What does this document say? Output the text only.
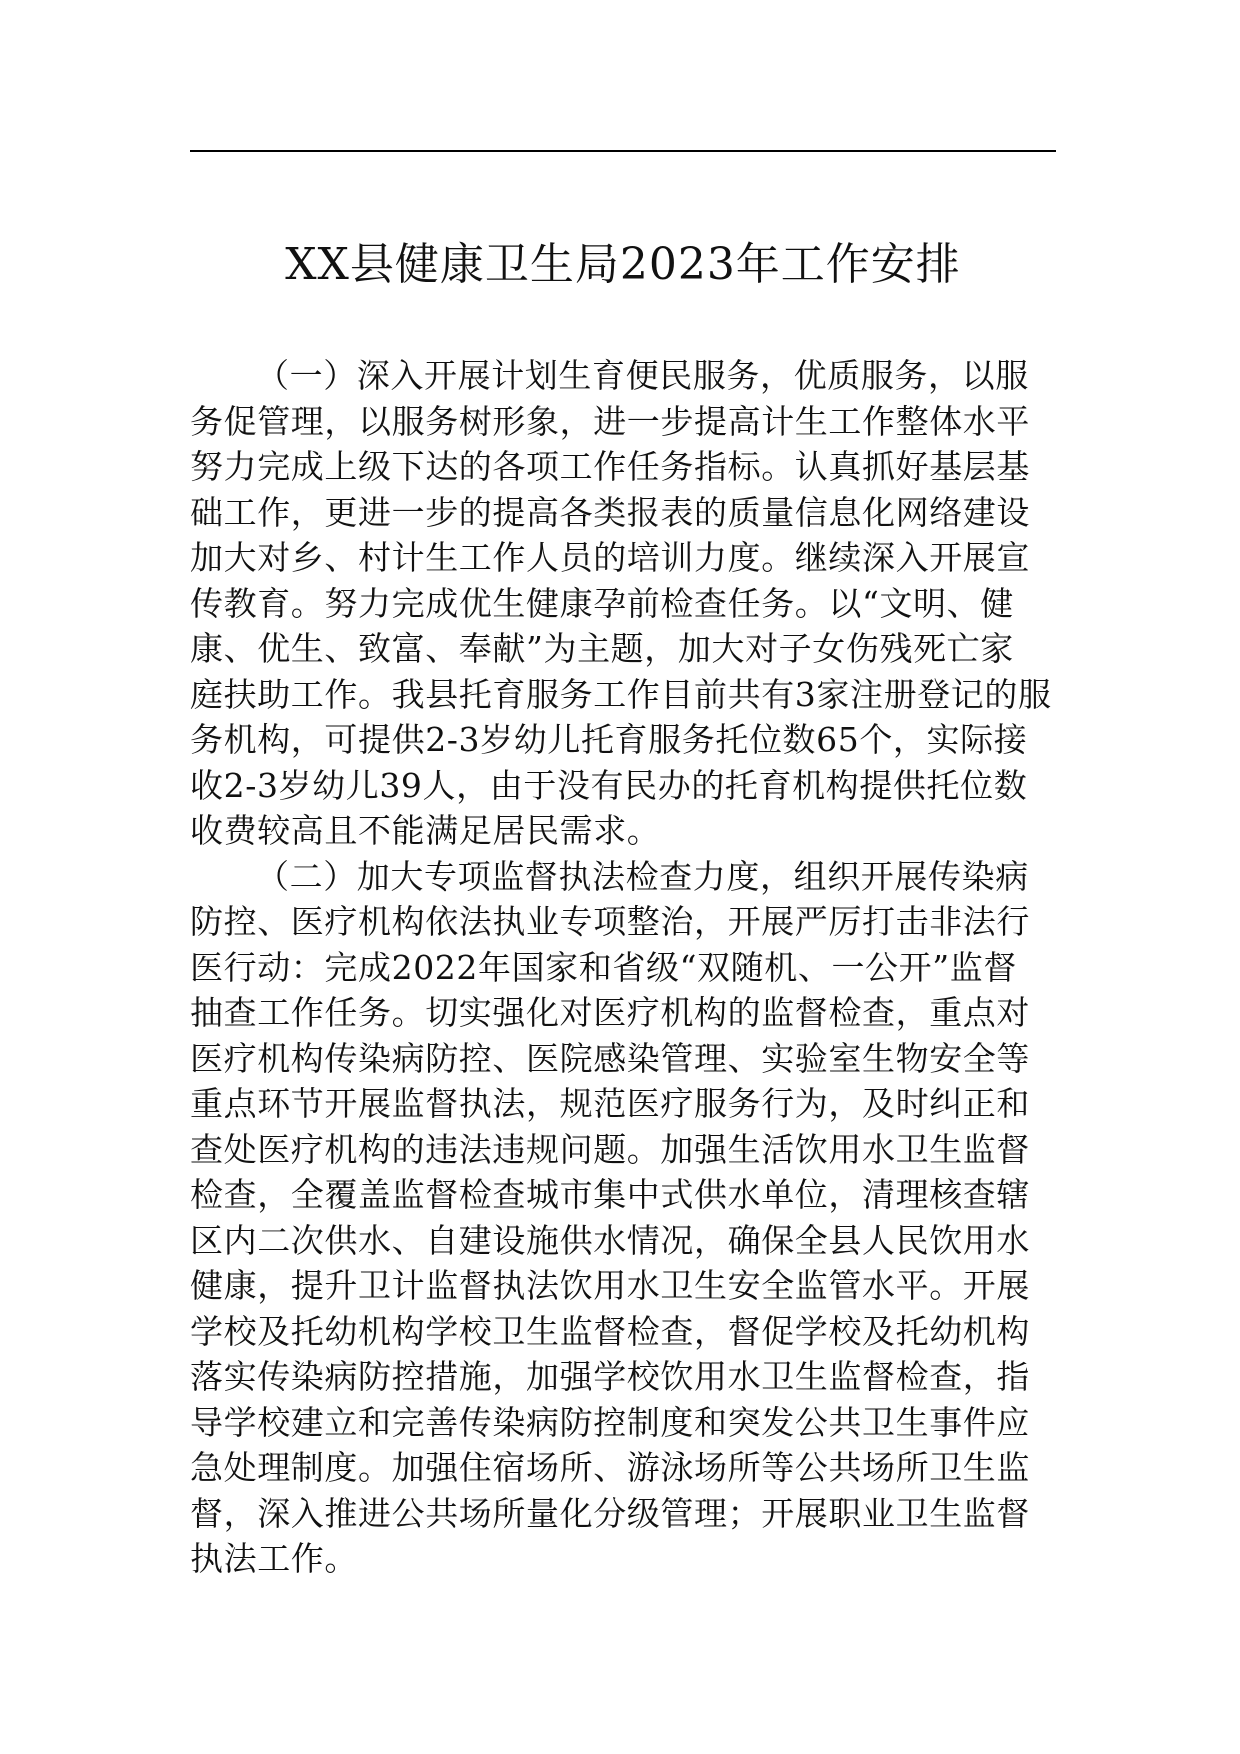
XX县健康卫生局2023年工作安排

（一）深入开展计划生育便民服务，优质服务，以服
务促管理，以服务树形象，进一步提高计生工作整体水平
努力完成上级下达的各项工作任务指标。认真抓好基层基
础工作，更进一步的提高各类报表的质量信息化网络建设
加大对乡、村计生工作人员的培训力度。继续深入开展宣
传教育。努力完成优生健康孕前检查任务。以“文明、健
康、优生、致富、奉献”为主题，加大对子女伤残死亡家
庭扶助工作。我县托育服务工作目前共有3家注册登记的服
务机构，可提供2-3岁幼儿托育服务托位数65个，实际接
收2-3岁幼儿39人，由于没有民办的托育机构提供托位数
收费较高且不能满足居民需求。

（二）加大专项监督执法检查力度，组织开展传染病
防控、医疗机构依法执业专项整治，开展严厉打击非法行
医行动：完成2022年国家和省级“双随机、一公开”监督
抽查工作任务。切实强化对医疗机构的监督检查，重点对
医疗机构传染病防控、医院感染管理、实验室生物安全等
重点环节开展监督执法，规范医疗服务行为，及时纠正和
查处医疗机构的违法违规问题。加强生活饮用水卫生监督
检查，全覆盖监督检查城市集中式供水单位，清理核查辖
区内二次供水、自建设施供水情况，确保全县人民饮用水
健康，提升卫计监督执法饮用水卫生安全监管水平。开展
学校及托幼机构学校卫生监督检查，督促学校及托幼机构
落实传染病防控措施，加强学校饮用水卫生监督检查，指
导学校建立和完善传染病防控制度和突发公共卫生事件应
急处理制度。加强住宿场所、游泳场所等公共场所卫生监
督，深入推进公共场所量化分级管理；开展职业卫生监督
执法工作。
